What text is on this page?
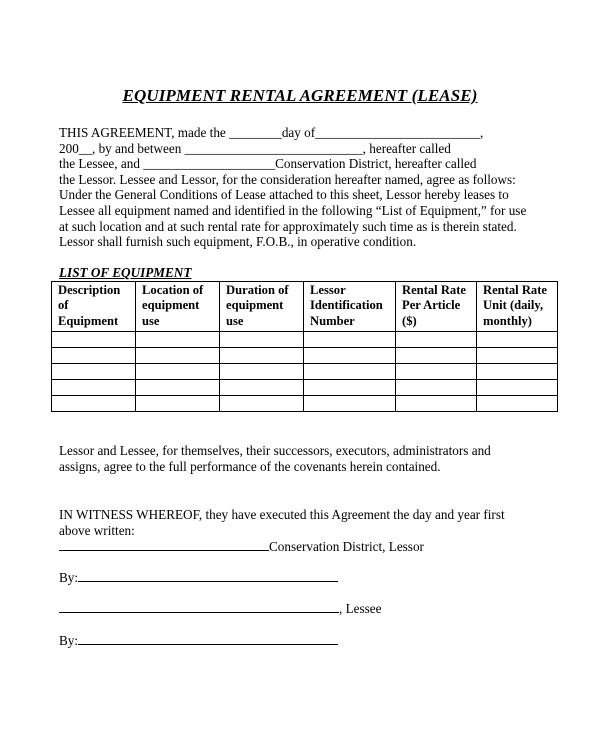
EQUIPMENT RENTAL AGREEMENT (LEASE)
THIS AGREEMENT, made the ________day of_________________________,
200__, by and between ___________________________, hereafter called
the Lessee, and ____________________Conservation District, hereafter called
the Lessor. Lessee and Lessor, for the consideration hereafter named, agree as follows:
Under the General Conditions of Lease attached to this sheet, Lessor hereby leases to
Lessee all equipment named and identified in the following “List of Equipment,” for use
at such location and at such rental rate for approximately such time as is therein stated.
Lessor shall furnish such equipment, F.O.B., in operative condition.
LIST OF EQUIPMENT
Description of Equipment	Location of equipment use	Duration of equipment use	Lessor Identification Number	Rental Rate Per Article ($)	Rental Rate Unit (daily, monthly)

Lessor and Lessee, for themselves, their successors, executors, administrators and
assigns, agree to the full performance of the covenants herein contained.
IN WITNESS WHEREOF, they have executed this Agreement the day and year first
above written:
Conservation District, Lessor
By:
, Lessee
By:
